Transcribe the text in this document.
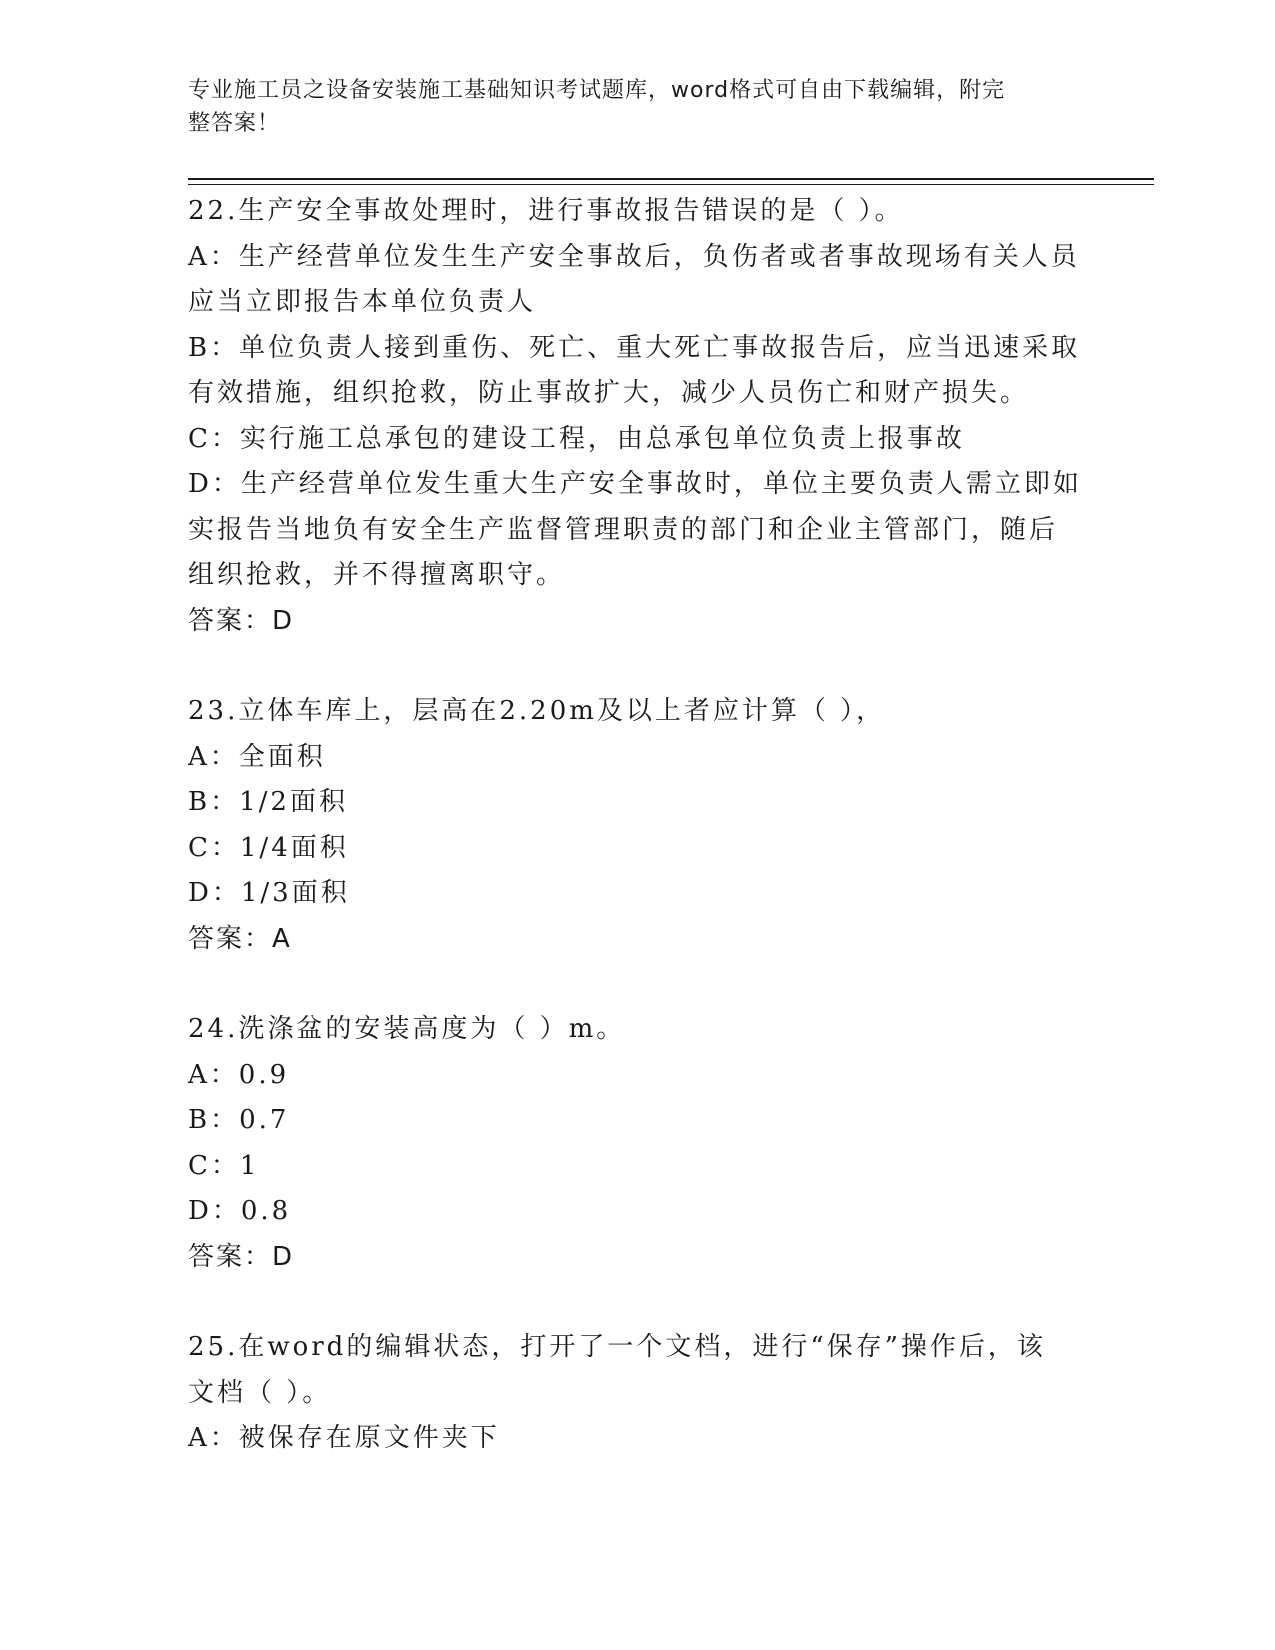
专业施工员之设备安装施工基础知识考试题库，word格式可自由下载编辑，附完
整答案！
22.生产安全事故处理时，进行事故报告错误的是（ ）。
A：生产经营单位发生生产安全事故后，负伤者或者事故现场有关人员
应当立即报告本单位负责人
B：单位负责人接到重伤、死亡、重大死亡事故报告后，应当迅速采取
有效措施，组织抢救，防止事故扩大，减少人员伤亡和财产损失。
C：实行施工总承包的建设工程，由总承包单位负责上报事故
D：生产经营单位发生重大生产安全事故时，单位主要负责人需立即如
实报告当地负有安全生产监督管理职责的部门和企业主管部门，随后
组织抢救，并不得擅离职守。
答案：D
23.立体车库上，层高在2.20m及以上者应计算（ ），
A：全面积
B：1/2面积
C：1/4面积
D：1/3面积
答案：A
24.洗涤盆的安装高度为（ ）m。
A：0.9
B：0.7
C：1
D：0.8
答案：D
25.在word的编辑状态，打开了一个文档，进行“保存”操作后，该
文档（ ）。
A：被保存在原文件夹下
